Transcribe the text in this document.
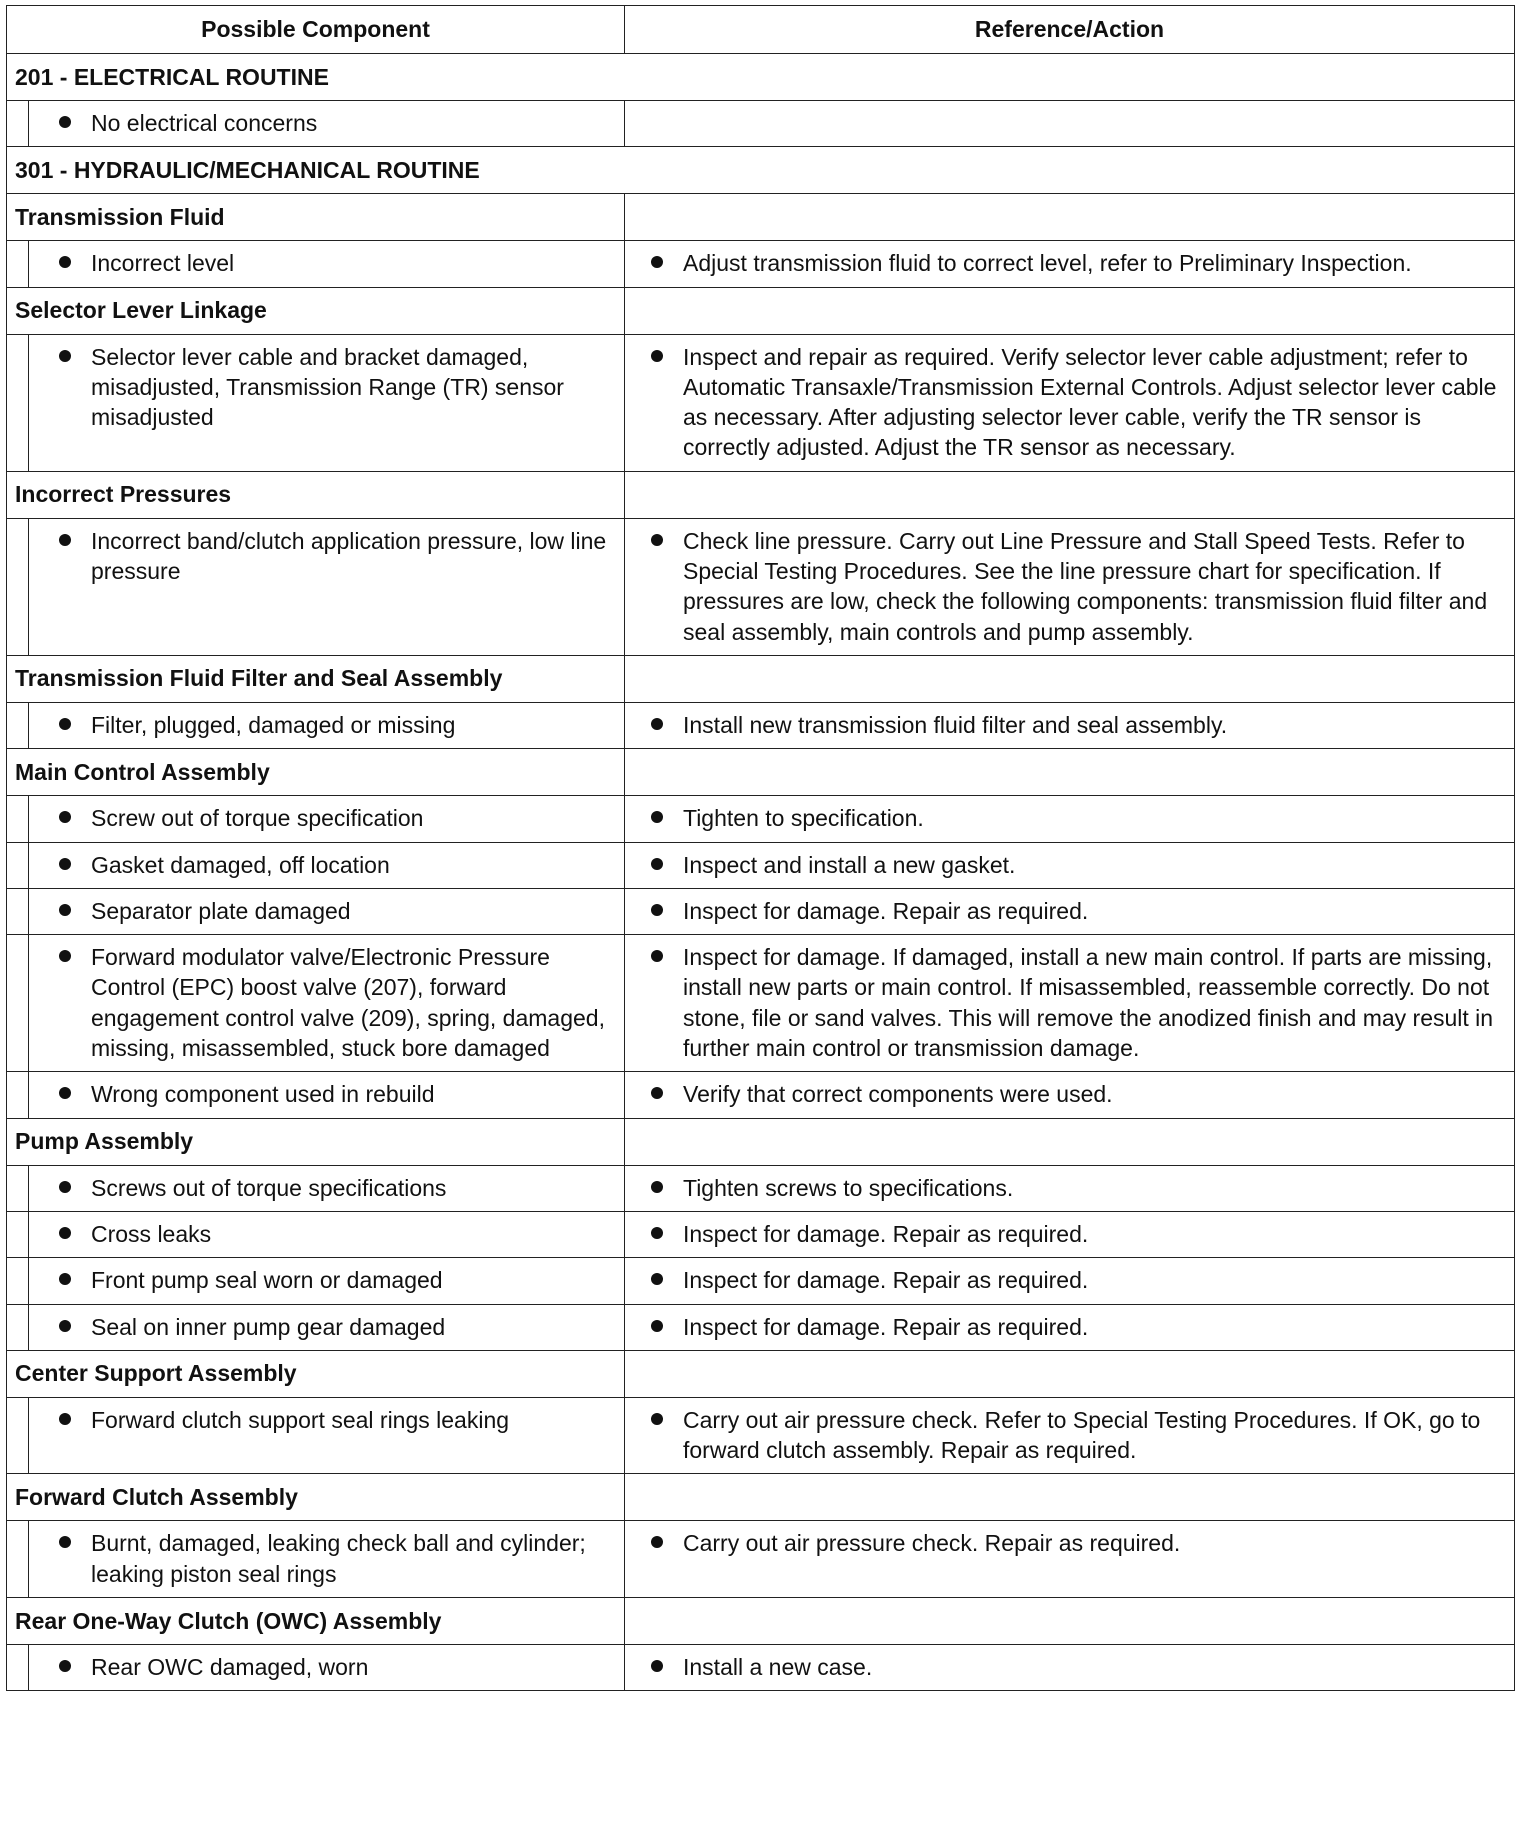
Possible Component		Reference/Action
201 - ELECTRICAL ROUTINE		

No electrical concerns	

301 - HYDRAULIC/MECHANICAL ROUTINE		
Transmission Fluid		

Incorrect level	Adjust transmission fluid to correct level, refer to Preliminary Inspection.

Selector Lever Linkage		

Selector lever cable and bracket damaged, misadjusted, Transmission Range (TR) sensor misadjusted	Inspect and repair as required. Verify selector lever cable adjustment; refer to Automatic Transaxle/Transmission External Controls. Adjust selector lever cable as necessary. After adjusting selector lever cable, verify the TR sensor is correctly adjusted. Adjust the TR sensor as necessary.

Incorrect Pressures		

Incorrect band/clutch application pressure, low line pressure	Check line pressure. Carry out Line Pressure and Stall Speed Tests. Refer to Special Testing Procedures. See the line pressure chart for specification. If pressures are low, check the following components: transmission fluid filter and seal assembly, main controls and pump assembly.

Transmission Fluid Filter and Seal Assembly		

Filter, plugged, damaged or missing	Install new transmission fluid filter and seal assembly.

Main Control Assembly		

Screw out of torque specification	Tighten to specification.

Gasket damaged, off location	Inspect and install a new gasket.

Separator plate damaged	Inspect for damage. Repair as required.

Forward modulator valve/Electronic Pressure Control (EPC) boost valve (207), forward engagement control valve (209), spring, damaged, missing, misassembled, stuck bore damaged	Inspect for damage. If damaged, install a new main control. If parts are missing, install new parts or main control. If misassembled, reassemble correctly. Do not stone, file or sand valves. This will remove the anodized finish and may result in further main control or transmission damage.

Wrong component used in rebuild	Verify that correct components were used.

Pump Assembly		

Screws out of torque specifications	Tighten screws to specifications.

Cross leaks	Inspect for damage. Repair as required.

Front pump seal worn or damaged	Inspect for damage. Repair as required.

Seal on inner pump gear damaged	Inspect for damage. Repair as required.

Center Support Assembly		

Forward clutch support seal rings leaking	Carry out air pressure check. Refer to Special Testing Procedures. If OK, go to forward clutch assembly. Repair as required.

Forward Clutch Assembly		

Burnt, damaged, leaking check ball and cylinder; leaking piston seal rings	Carry out air pressure check. Repair as required.

Rear One-Way Clutch (OWC) Assembly		

Rear OWC damaged, worn	Install a new case.
